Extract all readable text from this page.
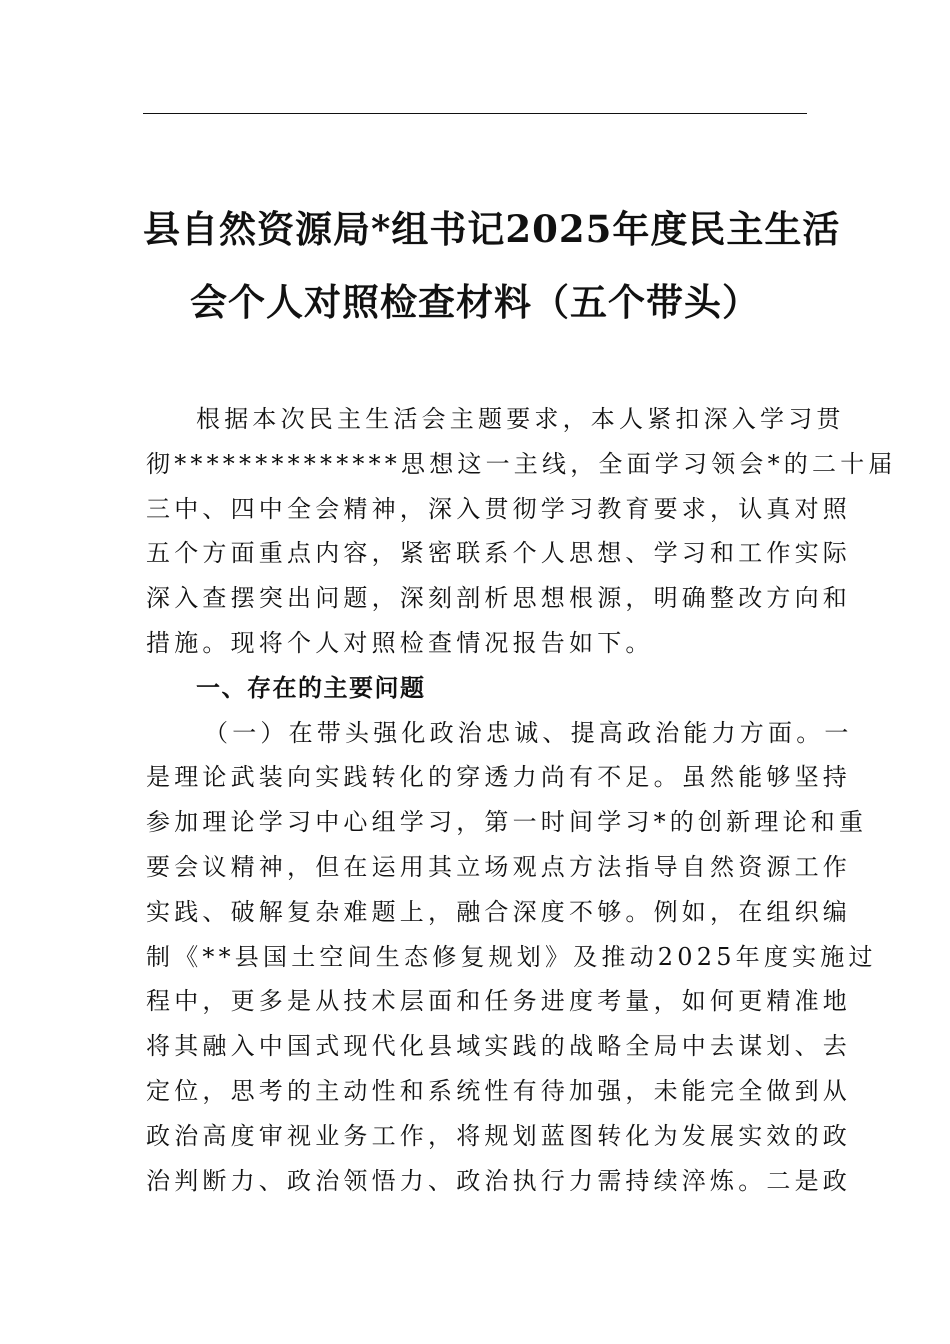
县自然资源局*组书记2025年度民主生活
会个人对照检查材料（五个带头）

根据本次民主生活会主题要求，本人紧扣深入学习贯
彻**************思想这一主线，全面学习领会*的二十届
三中、四中全会精神，深入贯彻学习教育要求，认真对照
五个方面重点内容，紧密联系个人思想、学习和工作实际
深入查摆突出问题，深刻剖析思想根源，明确整改方向和
措施。现将个人对照检查情况报告如下。

一、存在的主要问题

（一）在带头强化政治忠诚、提高政治能力方面。一
是理论武装向实践转化的穿透力尚有不足。虽然能够坚持
参加理论学习中心组学习，第一时间学习*的创新理论和重
要会议精神，但在运用其立场观点方法指导自然资源工作
实践、破解复杂难题上，融合深度不够。例如，在组织编
制《**县国土空间生态修复规划》及推动2025年度实施过
程中，更多是从技术层面和任务进度考量，如何更精准地
将其融入中国式现代化县域实践的战略全局中去谋划、去
定位，思考的主动性和系统性有待加强，未能完全做到从
政治高度审视业务工作，将规划蓝图转化为发展实效的政
治判断力、政治领悟力、政治执行力需持续淬炼。二是政
